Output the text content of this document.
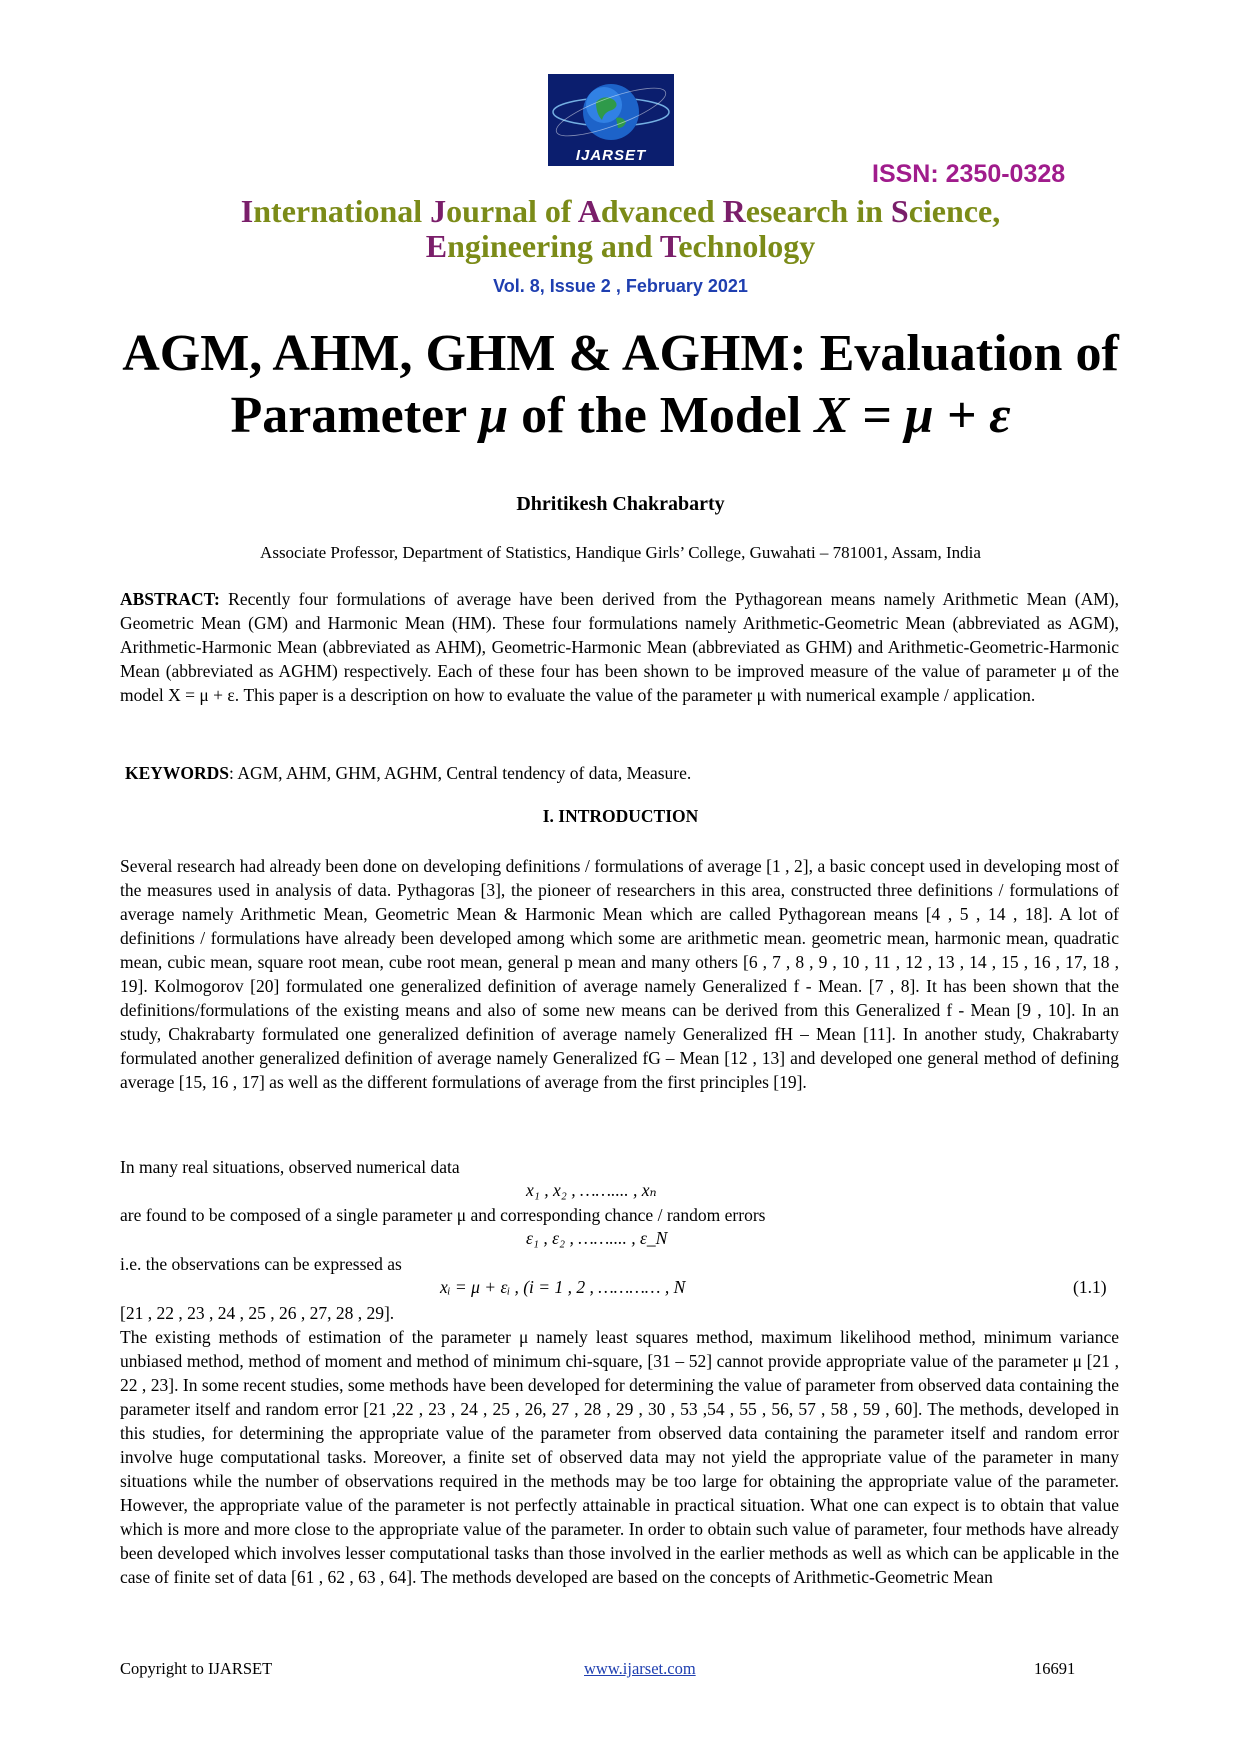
IJARSET
ISSN: 2350-0328
International Journal of Advanced Research in Science,
Engineering and Technology
Vol. 8, Issue 2 , February 2021
AGM, AHM, GHM & AGHM: Evaluation of
Parameter μ of the Model X = μ + ε
Dhritikesh Chakrabarty
Associate Professor, Department of Statistics, Handique Girls’ College, Guwahati – 781001, Assam, India
ABSTRACT: Recently four formulations of average have been derived from the Pythagorean means namely Arithmetic Mean (AM), Geometric Mean (GM) and Harmonic Mean (HM). These four formulations namely Arithmetic-Geometric Mean (abbreviated as AGM), Arithmetic-Harmonic Mean (abbreviated as AHM), Geometric-Harmonic Mean (abbreviated as GHM) and Arithmetic-Geometric-Harmonic Mean (abbreviated as AGHM) respectively. Each of these four has been shown to be improved measure of the value of parameter μ of the model X = μ + ε. This paper is a description on how to evaluate the value of the parameter μ with numerical example / application.
KEYWORDS: AGM, AHM, GHM, AGHM, Central tendency of data, Measure.
I. INTRODUCTION
Several research had already been done on developing definitions / formulations of average [1 , 2], a basic concept used in developing most of the measures used in analysis of data. Pythagoras [3], the pioneer of researchers in this area, constructed three definitions / formulations of average namely Arithmetic Mean, Geometric Mean & Harmonic Mean which are called Pythagorean means [4 , 5 , 14 , 18]. A lot of definitions / formulations have already been developed among which some are arithmetic mean. geometric mean, harmonic mean, quadratic mean, cubic mean, square root mean, cube root mean, general p mean and many others [6 , 7 , 8 , 9 , 10 , 11 , 12 , 13 , 14 , 15 , 16 , 17, 18 , 19]. Kolmogorov [20] formulated one generalized definition of average namely Generalized f - Mean. [7 , 8]. It has been shown that the definitions/formulations of the existing means and also of some new means can be derived from this Generalized f - Mean [9 , 10]. In an study, Chakrabarty formulated one generalized definition of average namely Generalized fH – Mean [11]. In another study, Chakrabarty formulated another generalized definition of average namely Generalized fG – Mean [12 , 13] and developed one general method of defining average [15, 16 , 17] as well as the different formulations of average from the first principles [19].
In many real situations, observed numerical data
x₁ , x₂ , …….... , xₙ
are found to be composed of a single parameter μ and corresponding chance / random errors
ε₁ , ε₂ , …….... , ε_N
i.e. the observations can be expressed as
xᵢ = μ + εᵢ , (i = 1 , 2 , ………… , N	(1.1)
[21 , 22 , 23 , 24 , 25 , 26 , 27, 28 , 29].
The existing methods of estimation of the parameter μ namely least squares method, maximum likelihood method, minimum variance unbiased method, method of moment and method of minimum chi-square, [31 – 52] cannot provide appropriate value of the parameter μ [21 , 22 , 23]. In some recent studies, some methods have been developed for determining the value of parameter from observed data containing the parameter itself and random error [21 ,22 , 23 , 24 , 25 , 26, 27 , 28 , 29 , 30 , 53 ,54 , 55 , 56, 57 , 58 , 59 , 60]. The methods, developed in this studies, for determining the appropriate value of the parameter from observed data containing the parameter itself and random error involve huge computational tasks. Moreover, a finite set of observed data may not yield the appropriate value of the parameter in many situations while the number of observations required in the methods may be too large for obtaining the appropriate value of the parameter. However, the appropriate value of the parameter is not perfectly attainable in practical situation. What one can expect is to obtain that value which is more and more close to the appropriate value of the parameter. In order to obtain such value of parameter, four methods have already been developed which involves lesser computational tasks than those involved in the earlier methods as well as which can be applicable in the case of finite set of data [61 , 62 , 63 , 64]. The methods developed are based on the concepts of Arithmetic-Geometric Mean
Copyright to IJARSET	www.ijarset.com	16691
